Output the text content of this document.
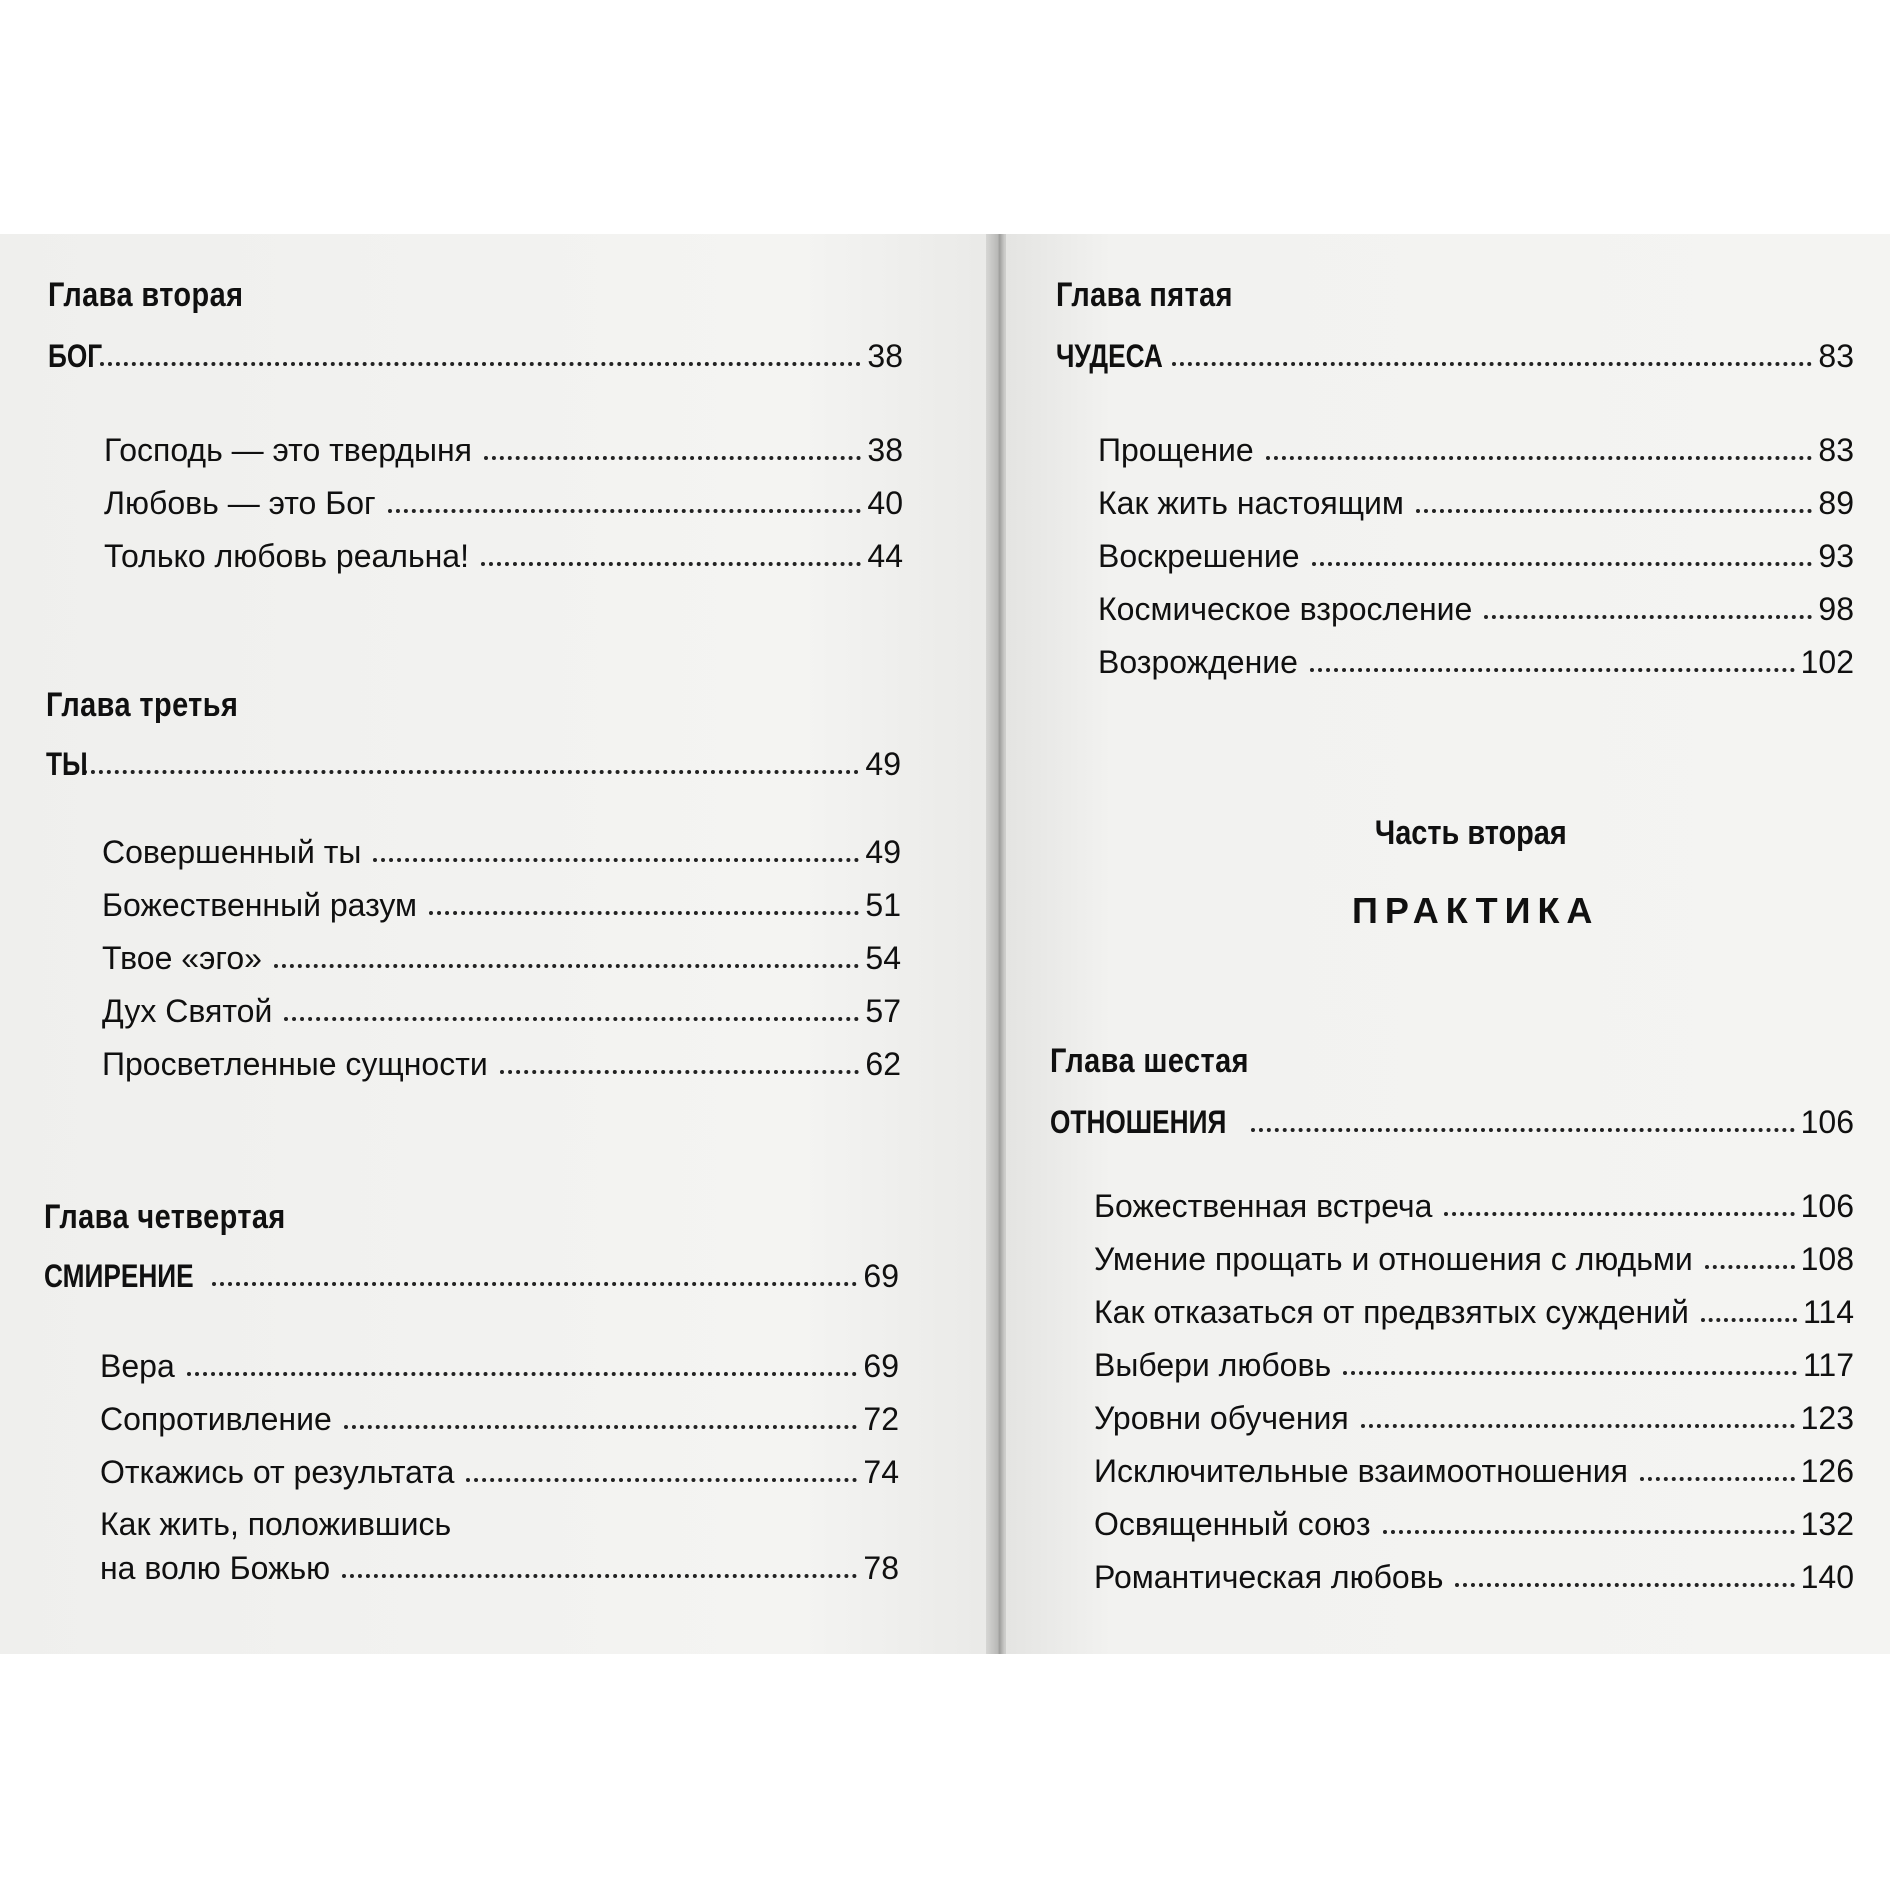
Глава вторая
БОГ	38
Господь — это твердыня	38
Любовь — это Бог	40
Только любовь реальна!	44
Глава третья
ТЫ	49
Совершенный ты	49
Божественный разум	51
Твое «эго»	54
Дух Святой	57
Просветленные сущности	62
Глава четвертая
СМИРЕНИЕ	69
Вера	69
Сопротивление	72
Откажись от результата	74
Как жить, положившись
на волю Божью	78
Глава пятая
ЧУДЕСА	83
Прощение	83
Как жить настоящим	89
Воскрешение	93
Космическое взросление	98
Возрождение	102
Часть вторая
ПРАКТИКА
Глава шестая
ОТНОШЕНИЯ	106
Божественная встреча	106
Умение прощать и отношения с людьми	108
Как отказаться от предвзятых суждений	114
Выбери любовь	117
Уровни обучения	123
Исключительные взаимоотношения	126
Освященный союз	132
Романтическая любовь	140
